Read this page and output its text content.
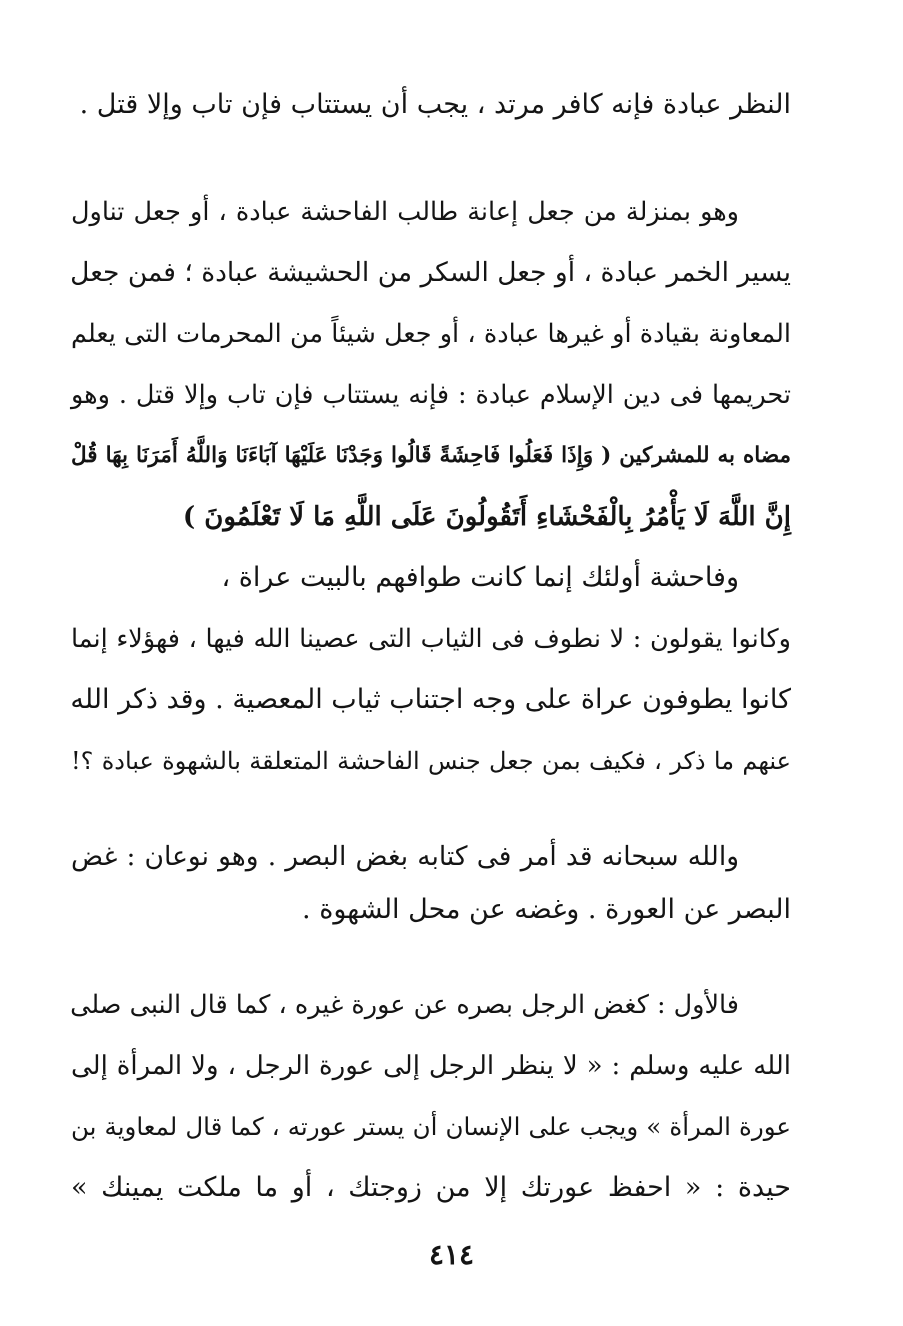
النظر عبادة فإنه كافر مرتد ، يجب أن يستتاب فإن تاب وإلا قتل .
وهو بمنزلة من جعل إعانة طالب الفاحشة عبادة ، أو جعل تناول
يسير الخمر عبادة ، أو جعل السكر من الحشيشة عبادة ؛ فمن جعل
المعاونة بقيادة أو غيرها عبادة ، أو جعل شيئاً من المحرمات التى يعلم
تحريمها فى دين الإسلام عبادة : فإنه يستتاب فإن تاب وإلا قتل . وهو
مضاه به للمشركين ( وَإِذَا فَعَلُوا فَاحِشَةً قَالُوا وَجَدْنَا عَلَيْهَا آبَاءَنَا وَاللَّهُ أَمَرَنَا بِهَا قُلْ
إِنَّ اللَّهَ لَا يَأْمُرُ بِالْفَحْشَاءِ أَتَقُولُونَ عَلَى اللَّهِ مَا لَا تَعْلَمُونَ )
وفاحشة أولئك إنما كانت طوافهم بالبيت عراة ،
وكانوا يقولون : لا نطوف فى الثياب التى عصينا الله فيها ، فهؤلاء إنما
كانوا يطوفون عراة على وجه اجتناب ثياب المعصية . وقد ذكر الله
عنهم ما ذكر ، فكيف بمن جعل جنس الفاحشة المتعلقة بالشهوة عبادة ؟!
والله سبحانه قد أمر فى كتابه بغض البصر . وهو نوعان : غض
البصر عن العورة . وغضه عن محل الشهوة .
فالأول : كغض الرجل بصره عن عورة غيره ، كما قال النبى صلى
الله عليه وسلم : « لا ينظر الرجل إلى عورة الرجل ، ولا المرأة إلى
عورة المرأة » ويجب على الإنسان أن يستر عورته ، كما قال لمعاوية بن
حيدة : « احفظ عورتك إلا من زوجتك ، أو ما ملكت يمينك »
٤١٤
